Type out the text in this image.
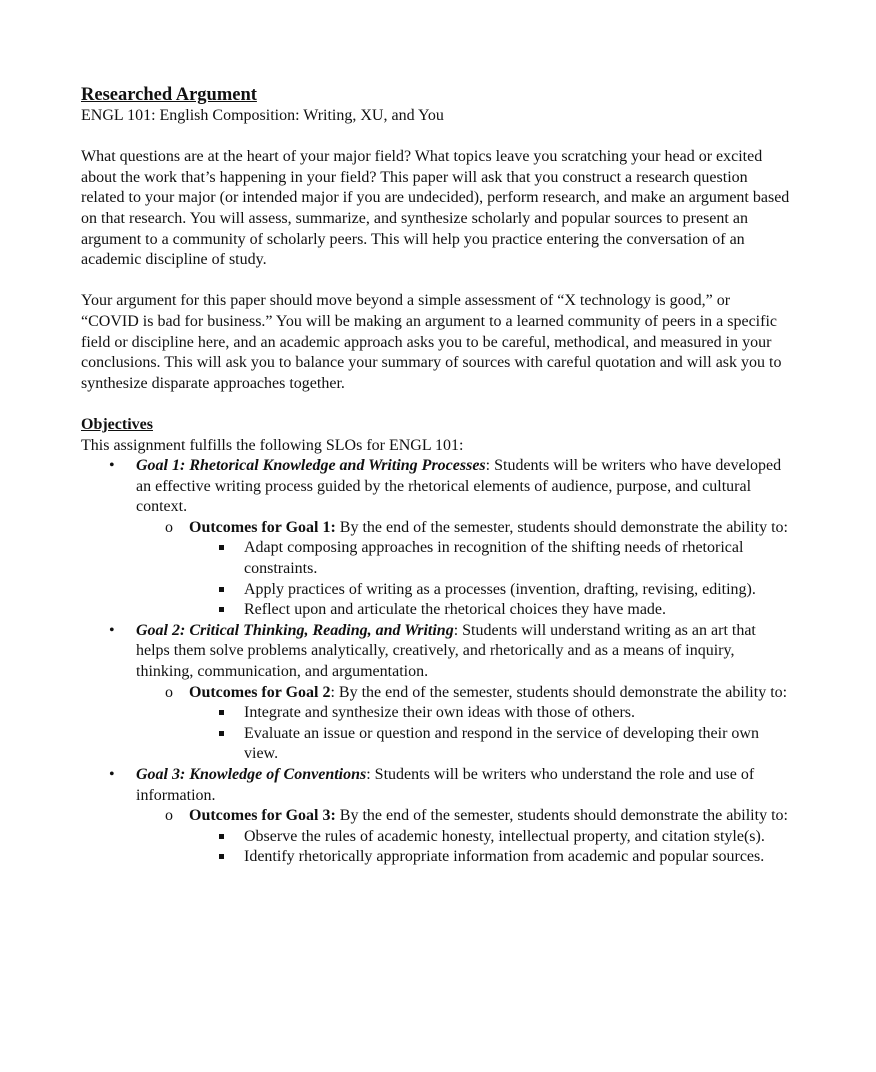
Researched Argument

ENGL 101: English Composition: Writing, XU, and You

What questions are at the heart of your major field? What topics leave you scratching your head or excited about the work that’s happening in your field? This paper will ask that you construct a research question related to your major (or intended major if you are undecided), perform research, and make an argument based on that research. You will assess, summarize, and synthesize scholarly and popular sources to present an argument to a community of scholarly peers. This will help you practice entering the conversation of an academic discipline of study.

Your argument for this paper should move beyond a simple assessment of “X technology is good,” or “COVID is bad for business.” You will be making an argument to a learned community of peers in a specific field or discipline here, and an academic approach asks you to be careful, methodical, and measured in your conclusions. This will ask you to balance your summary of sources with careful quotation and will ask you to synthesize disparate approaches together.

Objectives

This assignment fulfills the following SLOs for ENGL 101:

• Goal 1: Rhetorical Knowledge and Writing Processes: Students will be writers who have developed an effective writing process guided by the rhetorical elements of audience, purpose, and cultural context.
o Outcomes for Goal 1: By the end of the semester, students should demonstrate the ability to:
Adapt composing approaches in recognition of the shifting needs of rhetorical constraints.
Apply practices of writing as a processes (invention, drafting, revising, editing).
Reflect upon and articulate the rhetorical choices they have made.
• Goal 2: Critical Thinking, Reading, and Writing: Students will understand writing as an art that helps them solve problems analytically, creatively, and rhetorically and as a means of inquiry, thinking, communication, and argumentation.
o Outcomes for Goal 2: By the end of the semester, students should demonstrate the ability to:
Integrate and synthesize their own ideas with those of others.
Evaluate an issue or question and respond in the service of developing their own view.
• Goal 3: Knowledge of Conventions: Students will be writers who understand the role and use of information.
o Outcomes for Goal 3: By the end of the semester, students should demonstrate the ability to:
Observe the rules of academic honesty, intellectual property, and citation style(s).
Identify rhetorically appropriate information from academic and popular sources.
